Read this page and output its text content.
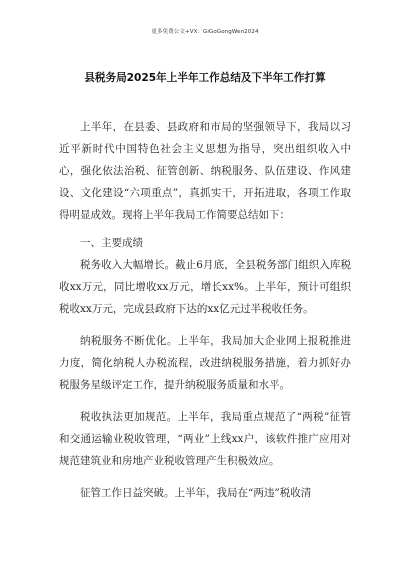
更多免费公文+VX：GiGoGongWen2024
县税务局2025年上半年工作总结及下半年工作打算

上半年，在县委、县政府和市局的坚强领导下，我局以习近平新时代中国特色社会主义思想为指导，突出组织收入中心，强化依法治税、征管创新、纳税服务、队伍建设、作风建设、文化建设“六项重点”，真抓实干，开拓进取，各项工作取得明显成效。现将上半年我局工作简要总结如下：

一、主要成绩

税务收入大幅增长。截止6月底，全县税务部门组织入库税收xx万元，同比增收xx万元，增长xx%。上半年，预计可组织税收xx万元，完成县政府下达的xx亿元过半税收任务。

纳税服务不断优化。上半年，我局加大企业网上报税推进力度，简化纳税人办税流程，改进纳税服务措施，着力抓好办税服务星级评定工作，提升纳税服务质量和水平。

税收执法更加规范。上半年，我局重点规范了“两税”征管和交通运输业税收管理，“两业”上线xx户，该软件推广应用对规范建筑业和房地产业税收管理产生积极效应。

征管工作日益突破。上半年，我局在“两违”税收清
